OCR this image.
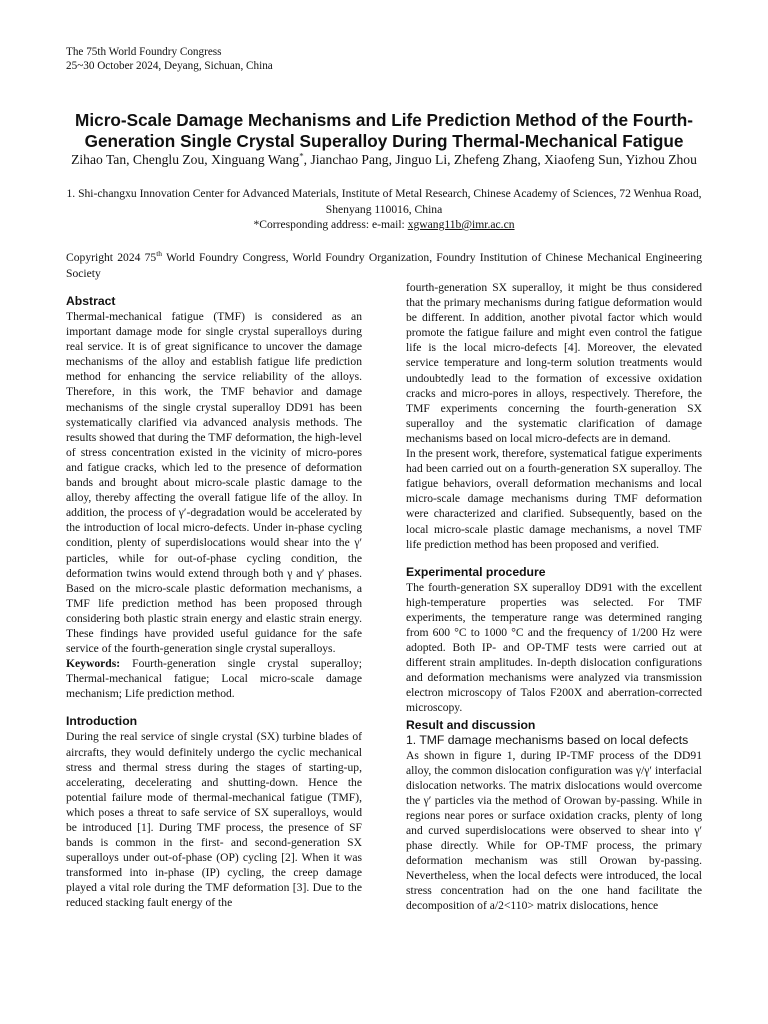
The 75th World Foundry Congress
25~30 October 2024, Deyang, Sichuan, China
Micro-Scale Damage Mechanisms and Life Prediction Method of the Fourth-Generation Single Crystal Superalloy During Thermal-Mechanical Fatigue
Zihao Tan, Chenglu Zou, Xinguang Wang*, Jianchao Pang, Jinguo Li, Zhefeng Zhang, Xiaofeng Sun, Yizhou Zhou
1. Shi-changxu Innovation Center for Advanced Materials, Institute of Metal Research, Chinese Academy of Sciences, 72 Wenhua Road, Shenyang 110016, China
*Corresponding address: e-mail: xgwang11b@imr.ac.cn
Copyright 2024 75th World Foundry Congress, World Foundry Organization, Foundry Institution of Chinese Mechanical Engineering Society

Abstract

Thermal-mechanical fatigue (TMF) is considered as an important damage mode for single crystal superalloys during real service. It is of great significance to uncover the damage mechanisms of the alloy and establish fatigue life prediction method for enhancing the service reliability of the alloys. Therefore, in this work, the TMF behavior and damage mechanisms of the single crystal superalloy DD91 has been systematically clarified via advanced analysis methods. The results showed that during the TMF deformation, the high-level of stress concentration existed in the vicinity of micro-pores and fatigue cracks, which led to the presence of deformation bands and brought about micro-scale plastic damage to the alloy, thereby affecting the overall fatigue life of the alloy. In addition, the process of γ′-degradation would be accelerated by the introduction of local micro-defects. Under in-phase cycling condition, plenty of superdislocations would shear into the γ′ particles, while for out-of-phase cycling condition, the deformation twins would extend through both γ and γ′ phases. Based on the micro-scale plastic deformation mechanisms, a TMF life prediction method has been proposed through considering both plastic strain energy and elastic strain energy. These findings have provided useful guidance for the safe service of the fourth-generation single crystal superalloys.

Keywords: Fourth-generation single crystal superalloy; Thermal-mechanical fatigue; Local micro-scale damage mechanism; Life prediction method.

Introduction

During the real service of single crystal (SX) turbine blades of aircrafts, they would definitely undergo the cyclic mechanical stress and thermal stress during the stages of starting-up, accelerating, decelerating and shutting-down. Hence the potential failure mode of thermal-mechanical fatigue (TMF), which poses a threat to safe service of SX superalloys, would be introduced [1]. During TMF process, the presence of SF bands is common in the first- and second-generation SX superalloys under out-of-phase (OP) cycling [2]. When it was transformed into in-phase (IP) cycling, the creep damage played a vital role during the TMF deformation [3]. Due to the reduced stacking fault energy of the

fourth-generation SX superalloy, it might be thus considered that the primary mechanisms during fatigue deformation would be different. In addition, another pivotal factor which would promote the fatigue failure and might even control the fatigue life is the local micro-defects [4]. Moreover, the elevated service temperature and long-term solution treatments would undoubtedly lead to the formation of excessive oxidation cracks and micro-pores in alloys, respectively. Therefore, the TMF experiments concerning the fourth-generation SX superalloy and the systematic clarification of damage mechanisms based on local micro-defects are in demand.

In the present work, therefore, systematical fatigue experiments had been carried out on a fourth-generation SX superalloy. The fatigue behaviors, overall deformation mechanisms and local micro-scale damage mechanisms during TMF deformation were characterized and clarified. Subsequently, based on the local micro-scale plastic damage mechanisms, a novel TMF life prediction method has been proposed and verified.

Experimental procedure

The fourth-generation SX superalloy DD91 with the excellent high-temperature properties was selected. For TMF experiments, the temperature range was determined ranging from 600 °C to 1000 °C and the frequency of 1/200 Hz were adopted. Both IP- and OP-TMF tests were carried out at different strain amplitudes. In-depth dislocation configurations and deformation mechanisms were analyzed via transmission electron microscopy of Talos F200X and aberration-corrected microscopy.

Result and discussion

1. TMF damage mechanisms based on local defects

As shown in figure 1, during IP-TMF process of the DD91 alloy, the common dislocation configuration was γ/γ′ interfacial dislocation networks. The matrix dislocations would overcome the γ′ particles via the method of Orowan by-passing. While in regions near pores or surface oxidation cracks, plenty of long and curved superdislocations were observed to shear into γ′ phase directly. While for OP-TMF process, the primary deformation mechanism was still Orowan by-passing. Nevertheless, when the local defects were introduced, the local stress concentration had on the one hand facilitate the decomposition of a/2<110> matrix dislocations, hence
